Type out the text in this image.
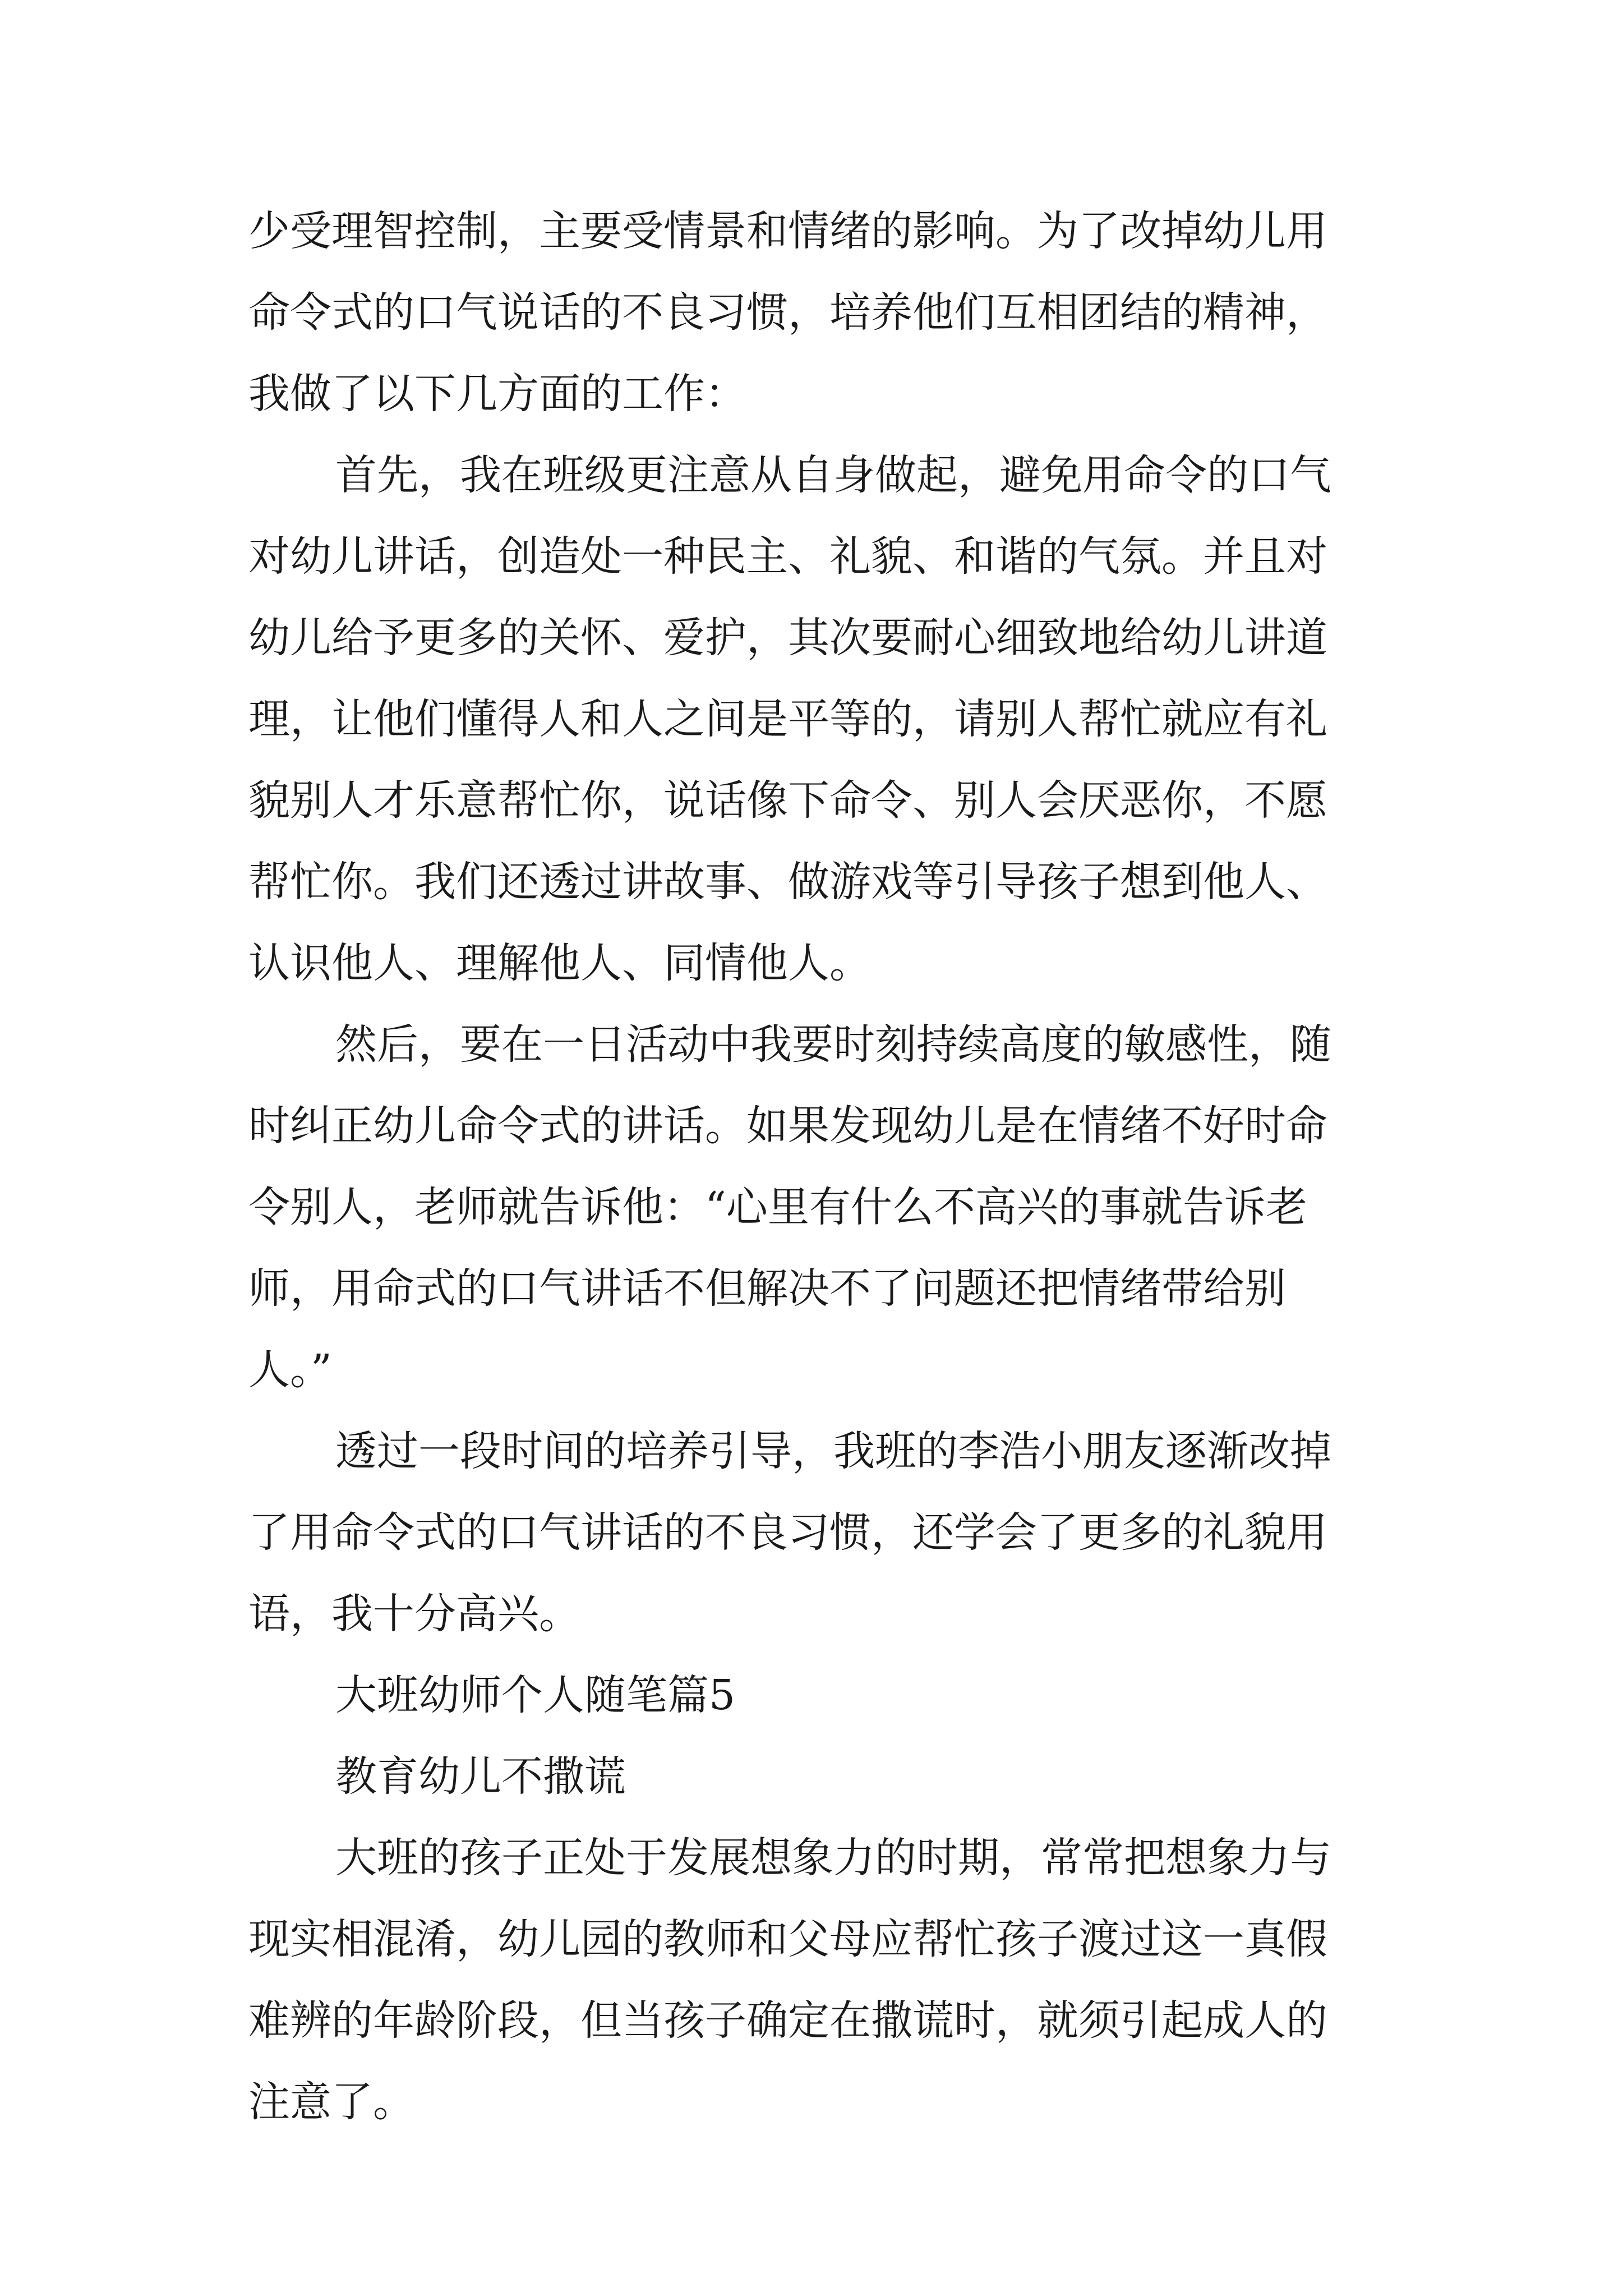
少受理智控制，主要受情景和情绪的影响。为了改掉幼儿用
命令式的口气说话的不良习惯，培养他们互相团结的精神，
我做了以下几方面的工作：
首先，我在班级更注意从自身做起，避免用命令的口气
对幼儿讲话，创造处一种民主、礼貌、和谐的气氛。并且对
幼儿给予更多的关怀、爱护，其次要耐心细致地给幼儿讲道
理，让他们懂得人和人之间是平等的，请别人帮忙就应有礼
貌别人才乐意帮忙你，说话像下命令、别人会厌恶你，不愿
帮忙你。我们还透过讲故事、做游戏等引导孩子想到他人、
认识他人、理解他人、同情他人。
然后，要在一日活动中我要时刻持续高度的敏感性，随
时纠正幼儿命令式的讲话。如果发现幼儿是在情绪不好时命
令别人，老师就告诉他：“心里有什么不高兴的事就告诉老
师，用命式的口气讲话不但解决不了问题还把情绪带给别
人。”
透过一段时间的培养引导，我班的李浩小朋友逐渐改掉
了用命令式的口气讲话的不良习惯，还学会了更多的礼貌用
语，我十分高兴。
大班幼师个人随笔篇5
教育幼儿不撒谎
大班的孩子正处于发展想象力的时期，常常把想象力与
现实相混淆，幼儿园的教师和父母应帮忙孩子渡过这一真假
难辨的年龄阶段，但当孩子确定在撒谎时，就须引起成人的
注意了。
